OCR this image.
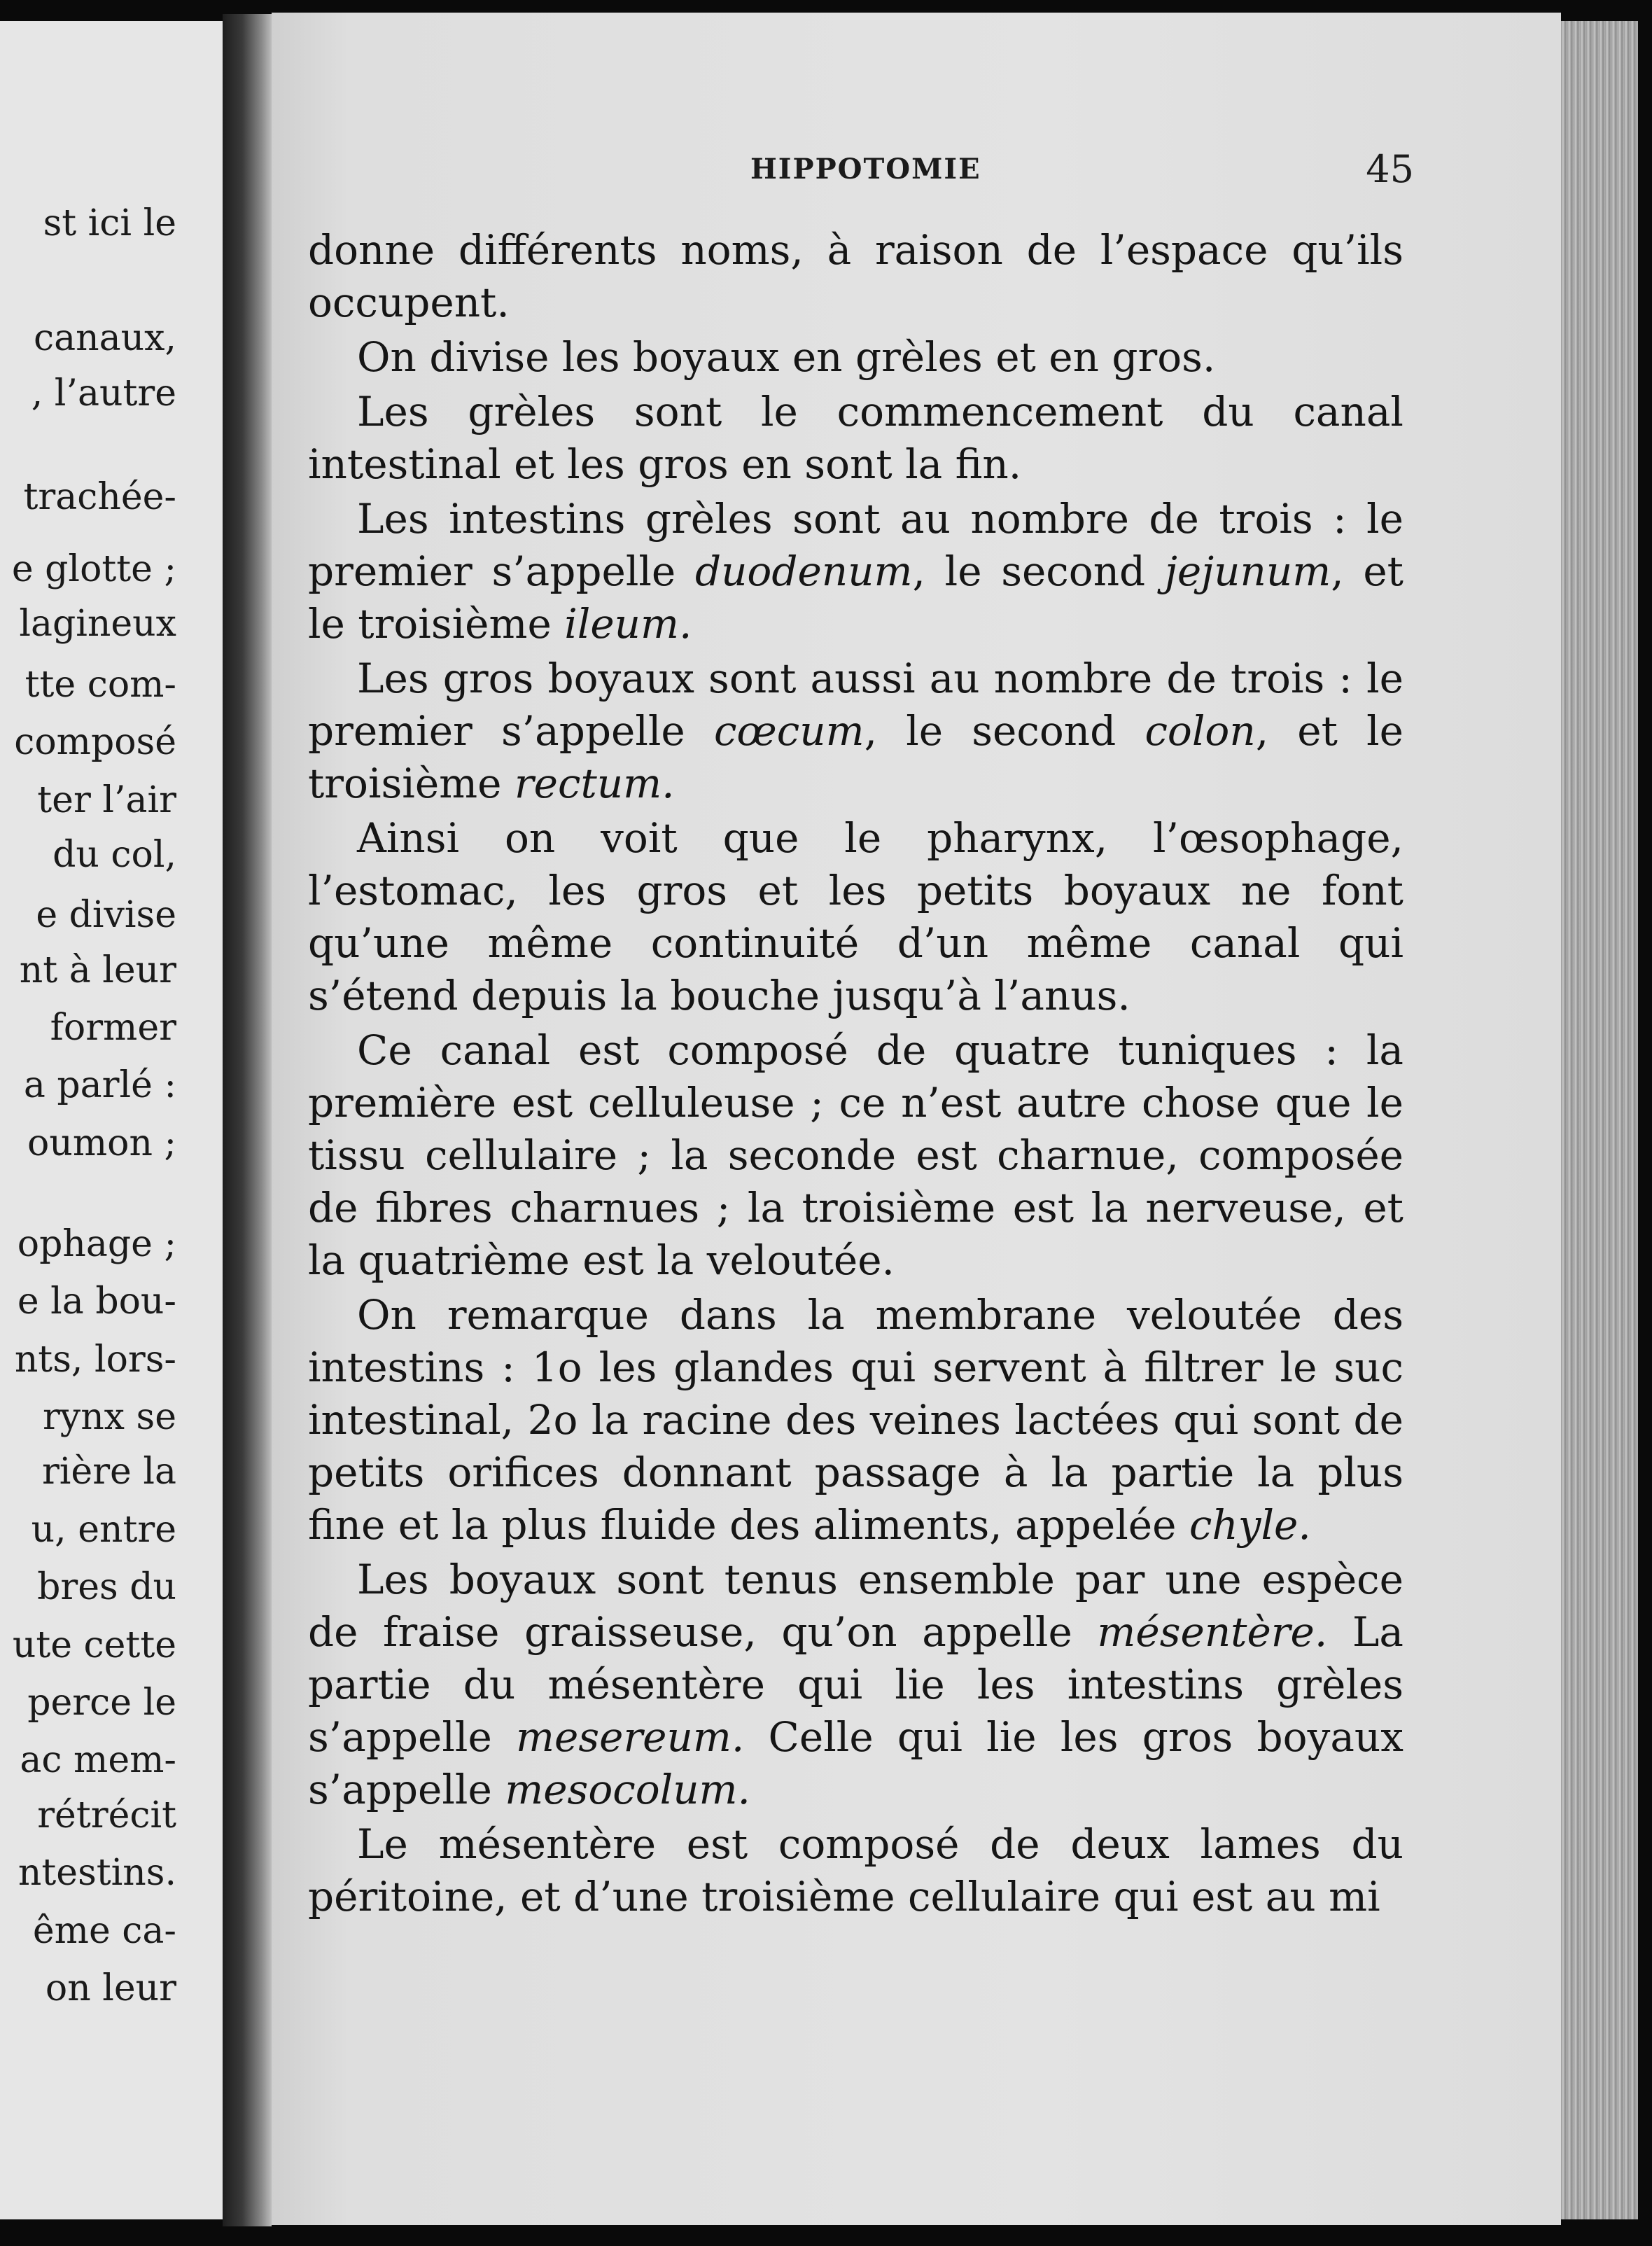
st ici le
canaux,
, l’autre
trachée-
e glotte ;
lagineux
tte com-
composé
ter l’air
du col,
e divise
nt à leur
former
a parlé :
oumon ;
ophage ;
e la bou-
nts, lors-
rynx se
rière la
u, entre
bres du
ute cette
perce le
ac mem-
rétrécit
ntestins.
ême ca-
on leur
HIPPOTOMIE	45

donne différents noms, à raison de l’espace qu’ils occupent.

On divise les boyaux en grèles et en gros.

Les grèles sont le commencement du canal intestinal et les gros en sont la fin.

Les intestins grèles sont au nombre de trois : le premier s’appelle duodenum, le second jejunum, et le troisième ileum.

Les gros boyaux sont aussi au nombre de trois : le premier s’appelle cœcum, le second colon, et le troisième rectum.

Ainsi on voit que le pharynx, l’œsophage, l’estomac, les gros et les petits boyaux ne font qu’une même continuité d’un même canal qui s’étend depuis la bouche jusqu’à l’anus.

Ce canal est composé de quatre tuniques : la première est celluleuse ; ce n’est autre chose que le tissu cellulaire ; la seconde est charnue, composée de fibres charnues ; la troisième est la nerveuse, et la quatrième est la veloutée.

On remarque dans la membrane veloutée des intestins : 1o les glandes qui servent à filtrer le suc intestinal, 2o la racine des veines lactées qui sont de petits orifices donnant passage à la partie la plus fine et la plus fluide des aliments, appelée chyle.

Les boyaux sont tenus ensemble par une espèce de fraise graisseuse, qu’on appelle mésentère. La partie du mésentère qui lie les intestins grèles s’appelle mesereum. Celle qui lie les gros boyaux s’appelle mesocolum.

Le mésentère est composé de deux lames du péritoine, et d’une troisième cellulaire qui est au mi
